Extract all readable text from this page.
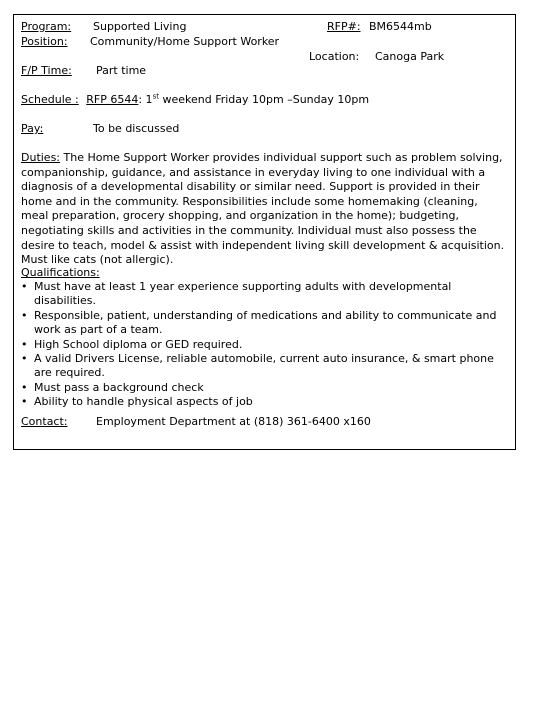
Program: Supported Living
Position: Community/Home Support Worker
RFP#: BM6544mb
Location: Canoga Park
F/P Time: Part time
Schedule : RFP 6544: 1st weekend Friday 10pm –Sunday 10pm
Pay:	To be discussed
Duties: The Home Support Worker provides individual support such as problem solving, companionship, guidance, and assistance in everyday living to one individual with a diagnosis of a developmental disability or similar need. Support is provided in their home and in the community. Responsibilities include some homemaking (cleaning, meal preparation, grocery shopping, and organization in the home); budgeting, negotiating skills and activities in the community. Individual must also possess the desire to teach, model & assist with independent living skill development & acquisition. Must like cats (not allergic).
Qualifications:
• Must have at least 1 year experience supporting adults with developmental disabilities.
• Responsible, patient, understanding of medications and ability to communicate and work as part of a team.
• High School diploma or GED required.
• A valid Drivers License, reliable automobile, current auto insurance, & smart phone are required.
• Must pass a background check
• Ability to handle physical aspects of job
Contact:	Employment Department at (818) 361-6400 x160
